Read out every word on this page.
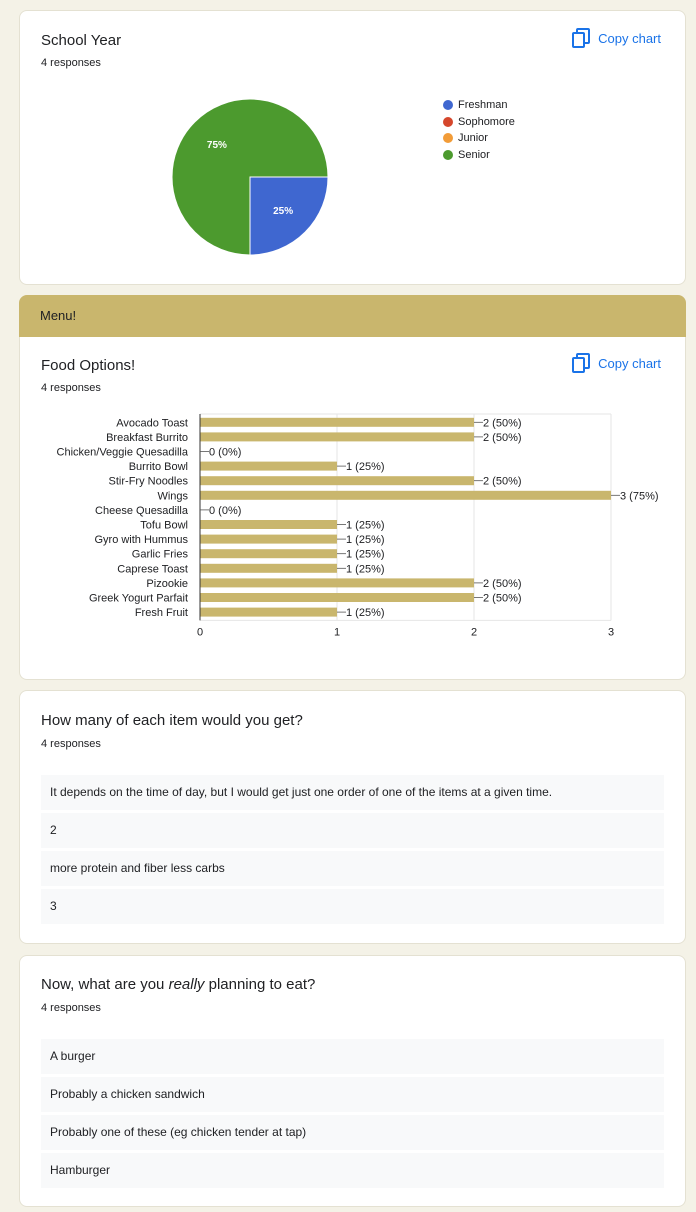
School Year
4 responses
Copy chart
25%
75%
Freshman
Sophomore
Junior
Senior
Menu!
Food Options!
4 responses
Copy chart
0	1	2	3
Avocado Toast	2 (50%)
Breakfast Burrito	2 (50%)
Chicken/Veggie Quesadilla 0 (0%)
Burrito Bowl	1 (25%)
Stir-Fry Noodles	2 (50%)
Wings	3 (75%)
Cheese Quesadilla 0 (0%)
Tofu Bowl	1 (25%)
Gyro with Hummus	1 (25%)
Garlic Fries	1 (25%)
Caprese Toast	1 (25%)
Pizookie	2 (50%)
Greek Yogurt Parfait	2 (50%)
Fresh Fruit	1 (25%)
How many of each item would you get?
4 responses
It depends on the time of day, but I would get just one order of one of the items at a given time.
2
more protein and fiber less carbs
3
Now, what are you really planning to eat?
4 responses
A burger
Probably a chicken sandwich
Probably one of these (eg chicken tender at tap)
Hamburger
